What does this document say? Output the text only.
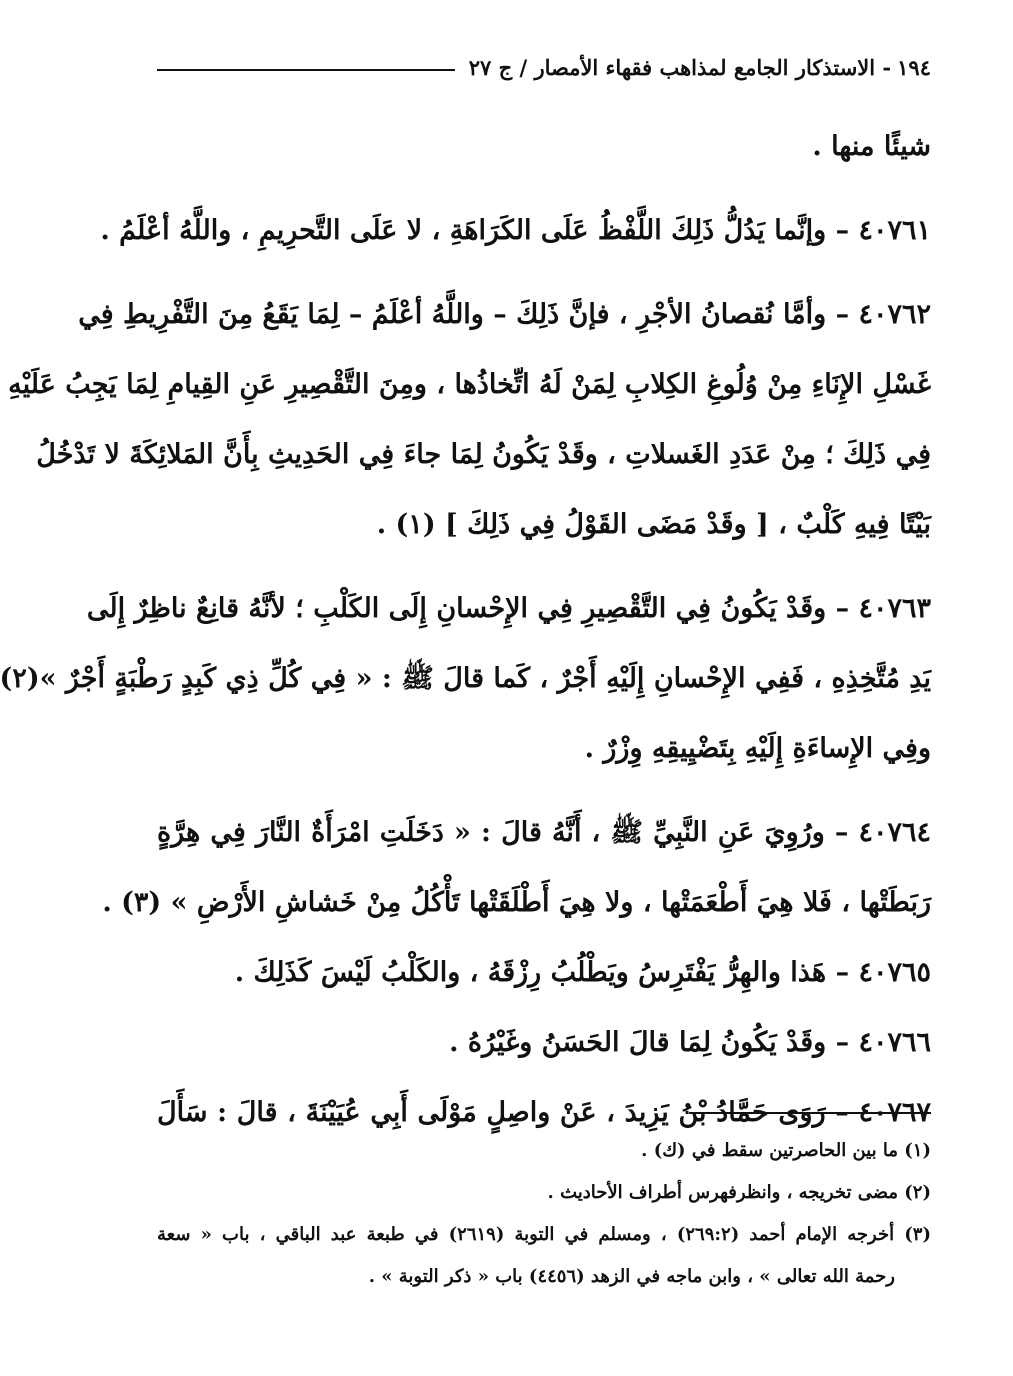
١٩٤
- الاستذكار الجامع لمذاهب فقهاء الأمصار / ج ٢٧
شيئًا منها .
٤٠٧٦١ – وإنَّما يَدُلُّ ذَلِكَ اللَّفْظُ عَلَى الكَرَاهَةِ ، لا عَلَى التَّحرِيمِ ، واللَّهُ أعْلَمُ .
٤٠٧٦٢ – وأمَّا نُقصانُ الأجْرِ ، فإنَّ ذَلِكَ – واللَّهُ أعْلَمُ – لِمَا يَقَعُ مِنَ التَّفْرِيطِ فِي
غَسْلِ الإِنَاءِ مِنْ وُلُوغِ الكِلابِ لِمَنْ لَهُ اتِّخاذُها ، ومِنَ التَّقْصِيرِ عَنِ القِيامِ لِمَا يَجِبُ عَلَيْهِ
فِي ذَلِكَ ؛ مِنْ عَدَدِ الغَسلاتِ ، وقَدْ يَكُونُ لِمَا جاءَ فِي الحَدِيثِ بِأَنَّ المَلائِكَةَ لا تَدْخُلُ
بَيْتًا فِيهِ كَلْبٌ ، [ وقَدْ مَضَى القَوْلُ فِي ذَلِكَ ] (١) .
٤٠٧٦٣ – وقَدْ يَكُونُ فِي التَّقْصِيرِ فِي الإِحْسانِ إِلَى الكَلْبِ ؛ لأنَّهُ قانِعٌ ناظِرٌ إِلَى
يَدِ مُتَّخِذِهِ ، فَفِي الإِحْسانِ إِلَيْهِ أَجْرٌ ، كَما قالَ ﷺ : « فِي كُلِّ ذِي كَبِدٍ رَطْبَةٍ أَجْرٌ »(٢)
وفِي الإِساءَةِ إِلَيْهِ بِتَضْيِيقِهِ وِزْرٌ .
٤٠٧٦٤ – ورُوِيَ عَنِ النَّبِيِّ ﷺ ، أَنَّهُ قالَ : « دَخَلَتِ امْرَأَةٌ النَّارَ فِي هِرَّةٍ
رَبَطَتْها ، فَلا هِيَ أَطْعَمَتْها ، ولا هِيَ أَطْلَقَتْها تَأْكُلُ مِنْ خَشاشِ الأَرْضِ » (٣) .
٤٠٧٦٥ – هَذا والهِرُّ يَفْتَرِسُ ويَطْلُبُ رِزْقَهُ ، والكَلْبُ لَيْسَ كَذَلِكَ .
٤٠٧٦٦ – وقَدْ يَكُونُ لِمَا قالَ الحَسَنُ وغَيْرُهُ .
٤٠٧٦٧ – رَوَى حَمَّادُ بْنُ يَزِيدَ ، عَنْ واصِلٍ مَوْلَى أَبِي عُيَيْنَةَ ، قالَ : سَأَلَ
(١) ما بين الحاصرتين سقط في (ك) .
(٢) مضى تخريجه ، وانظرفهرس أطراف الأحاديث .
(٣) أخرجه الإمام أحمد (٢٦٩:٢) ، ومسلم في التوبة (٢٦١٩) في طبعة عبد الباقي ، باب « سعة
رحمة الله تعالى » ، وابن ماجه في الزهد (٤٤٥٦) باب « ذكر التوبة » .
